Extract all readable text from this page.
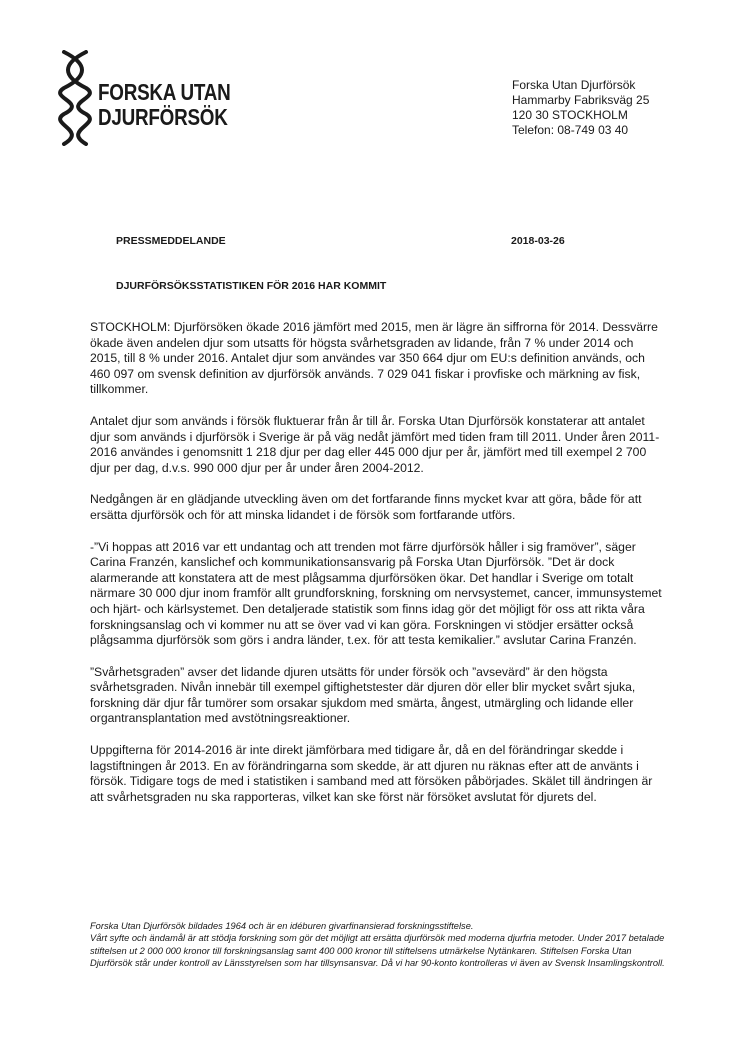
FORSKA UTAN
DJURFÖRSÖK
Forska Utan Djurförsök
Hammarby Fabriksväg 25
120 30 STOCKHOLM
Telefon: 08-749 03 40
PRESSMEDDELANDE	2018-03-26
DJURFÖRSÖKSSTATISTIKEN FÖR 2016 HAR KOMMIT

STOCKHOLM: Djurförsöken ökade 2016 jämfört med 2015, men är lägre än siffrorna för 2014. Dessvärre ökade även andelen djur som utsatts för högsta svårhetsgraden av lidande, från 7 % under 2014 och 2015, till 8 % under 2016. Antalet djur som användes var 350 664 djur om EU:s definition används, och 460 097 om svensk definition av djurförsök används. 7 029 041 fiskar i provfiske och märkning av fisk, tillkommer.

Antalet djur som används i försök fluktuerar från år till år. Forska Utan Djurförsök konstaterar att antalet djur som används i djurförsök i Sverige är på väg nedåt jämfört med tiden fram till 2011. Under åren 2011-2016 användes i genomsnitt 1 218 djur per dag eller 445 000 djur per år, jämfört med till exempel 2 700 djur per dag, d.v.s. 990 000 djur per år under åren 2004-2012.

Nedgången är en glädjande utveckling även om det fortfarande finns mycket kvar att göra, både för att ersätta djurförsök och för att minska lidandet i de försök som fortfarande utförs.

-”Vi hoppas att 2016 var ett undantag och att trenden mot färre djurförsök håller i sig framöver”, säger Carina Franzén, kanslichef och kommunikationsansvarig på Forska Utan Djurförsök. ”Det är dock alarmerande att konstatera att de mest plågsamma djurförsöken ökar. Det handlar i Sverige om totalt närmare 30 000 djur inom framför allt grundforskning, forskning om nervsystemet, cancer, immunsystemet och hjärt- och kärlsystemet. Den detaljerade statistik som finns idag gör det möjligt för oss att rikta våra forskningsanslag och vi kommer nu att se över vad vi kan göra. Forskningen vi stödjer ersätter också plågsamma djurförsök som görs i andra länder, t.ex. för att testa kemikalier.” avslutar Carina Franzén.

”Svårhetsgraden” avser det lidande djuren utsätts för under försök och ”avsevärd” är den högsta svårhetsgraden. Nivån innebär till exempel giftighetstester där djuren dör eller blir mycket svårt sjuka, forskning där djur får tumörer som orsakar sjukdom med smärta, ångest, utmärgling och lidande eller organtransplantation med avstötningsreaktioner.

Uppgifterna för 2014-2016 är inte direkt jämförbara med tidigare år, då en del förändringar skedde i lagstiftningen år 2013. En av förändringarna som skedde, är att djuren nu räknas efter att de använts i försök. Tidigare togs de med i statistiken i samband med att försöken påbörjades. Skälet till ändringen är att svårhetsgraden nu ska rapporteras, vilket kan ske först när försöket avslutat för djurets del.

Forska Utan Djurförsök bildades 1964 och är en idéburen givarfinansierad forskningsstiftelse.

Vårt syfte och ändamål är att stödja forskning som gör det möjligt att ersätta djurförsök med moderna djurfria metoder. Under 2017 betalade stiftelsen ut 2 000 000 kronor till forskningsanslag samt 400 000 kronor till stiftelsens utmärkelse Nytänkaren. Stiftelsen Forska Utan Djurförsök står under kontroll av Länsstyrelsen som har tillsynsansvar. Då vi har 90-konto kontrolleras vi även av Svensk Insamlingskontroll.
